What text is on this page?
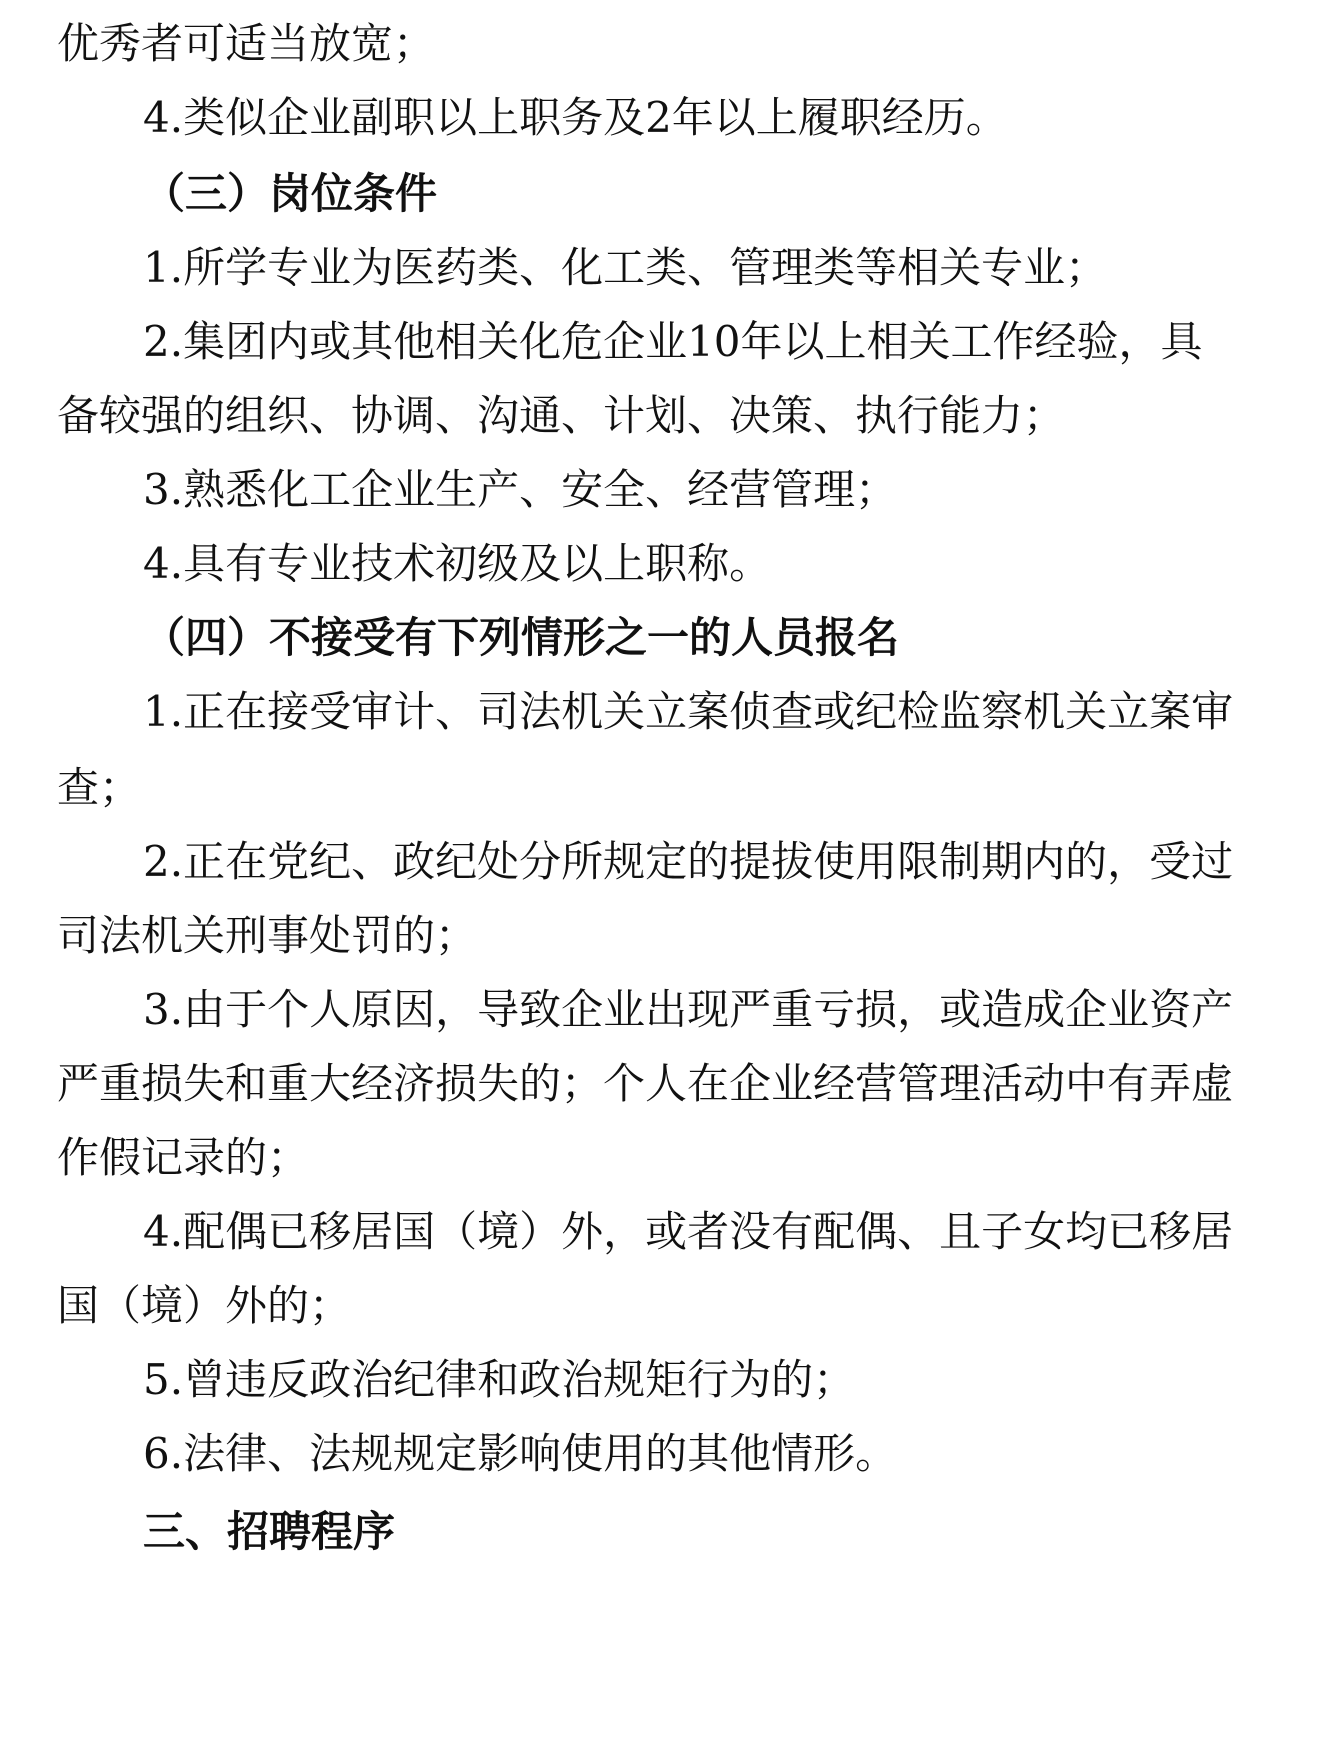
优秀者可适当放宽；
4.类似企业副职以上职务及2年以上履职经历。
（三）岗位条件
1.所学专业为医药类、化工类、管理类等相关专业；
2.集团内或其他相关化危企业10年以上相关工作经验，具
备较强的组织、协调、沟通、计划、决策、执行能力；
3.熟悉化工企业生产、安全、经营管理；
4.具有专业技术初级及以上职称。
（四）不接受有下列情形之一的人员报名
1.正在接受审计、司法机关立案侦查或纪检监察机关立案审
查；
2.正在党纪、政纪处分所规定的提拔使用限制期内的，受过
司法机关刑事处罚的；
3.由于个人原因，导致企业出现严重亏损，或造成企业资产
严重损失和重大经济损失的；个人在企业经营管理活动中有弄虚
作假记录的；
4.配偶已移居国（境）外，或者没有配偶、且子女均已移居
国（境）外的；
5.曾违反政治纪律和政治规矩行为的；
6.法律、法规规定影响使用的其他情形。
三、招聘程序
